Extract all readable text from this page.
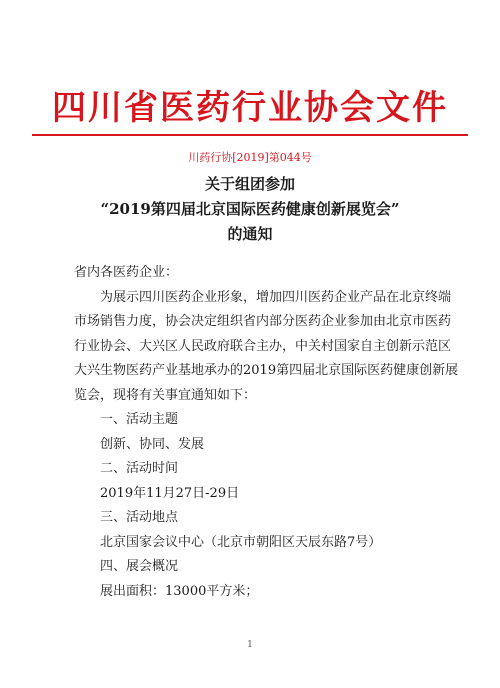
四川省医药行业协会文件
川药行协[2019]第044号
关于组团参加
“2019第四届北京国际医药健康创新展览会”
的通知

省内各医药企业：

为展示四川医药企业形象，增加四川医药企业产品在北京终端市场销售力度，协会决定组织省内部分医药企业参加由北京市医药行业协会、大兴区人民政府联合主办，中关村国家自主创新示范区大兴生物医药产业基地承办的2019第四届北京国际医药健康创新展览会，现将有关事宜通知如下：

一、活动主题

创新、协同、发展

二、活动时间

2019年11月27日-29日

三、活动地点

北京国家会议中心（北京市朝阳区天辰东路7号）

四、展会概况

展出面积：13000平方米；

1
